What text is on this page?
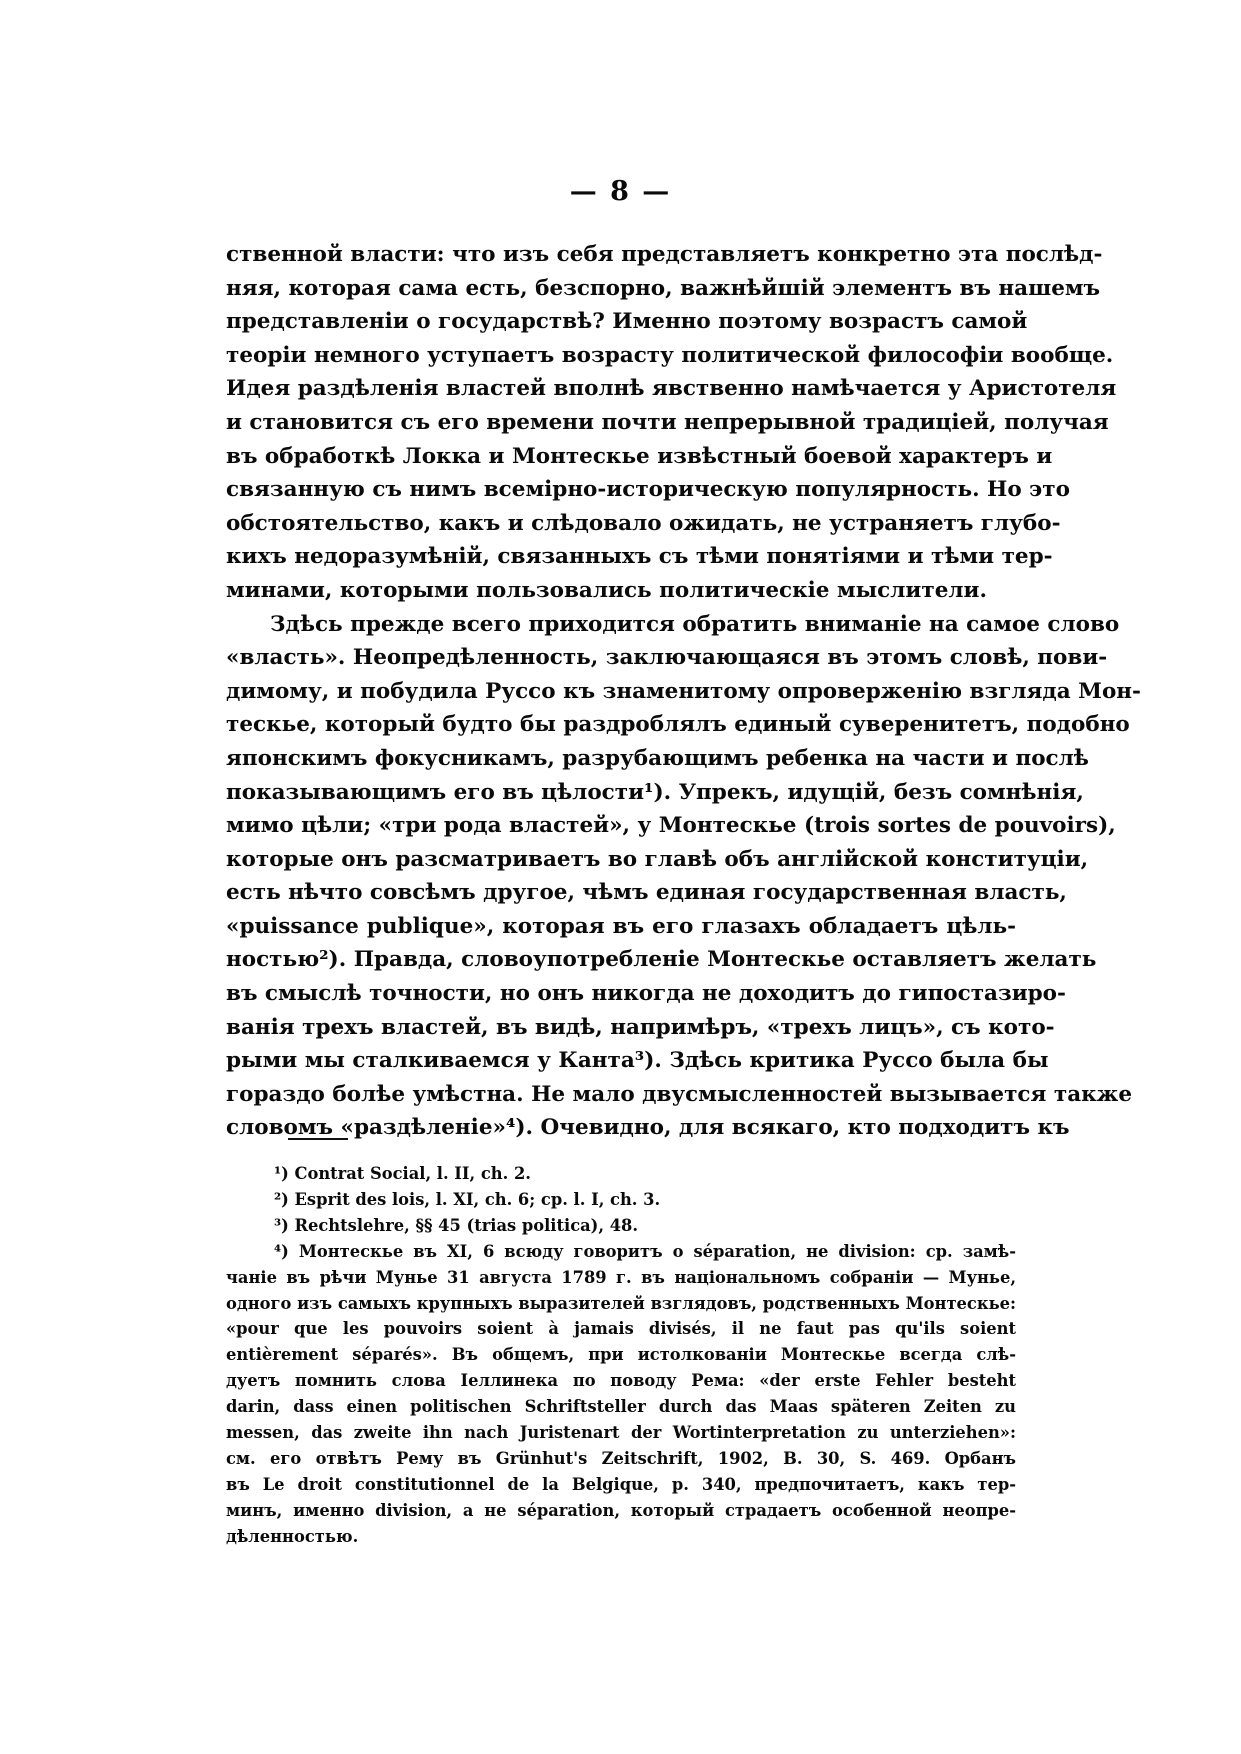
— 8 —
ственной власти: что изъ себя представляетъ конкретно эта послѣд-
няя, которая сама есть, безспорно, важнѣйшій элементъ въ нашемъ
представленіи о государствѣ? Именно поэтому возрастъ самой
теоріи немного уступаетъ возрасту политической философіи вообще.
Идея раздѣленія властей вполнѣ явственно намѣчается у Аристотеля
и становится съ его времени почти непрерывной традиціей, получая
въ обработкѣ Локка и Монтескье извѣстный боевой характеръ и
связанную съ нимъ всемірно-историческую популярность. Но это
обстоятельство, какъ и слѣдовало ожидать, не устраняетъ глубо-
кихъ недоразумѣній, связанныхъ съ тѣми понятіями и тѣми тер-
минами, которыми пользовались политическіе мыслители.
Здѣсь прежде всего приходится обратить вниманіе на самое слово
«власть». Неопредѣленность, заключающаяся въ этомъ словѣ, пови-
димому, и побудила Руссо къ знаменитому опроверженію взгляда Мон-
тескье, который будто бы раздроблялъ единый суверенитетъ, подобно
японскимъ фокусникамъ, разрубающимъ ребенка на части и послѣ
показывающимъ его въ цѣлости¹). Упрекъ, идущій, безъ сомнѣнія,
мимо цѣли; «три рода властей», у Монтескье (trois sortes de pouvoirs),
которые онъ разсматриваетъ во главѣ объ англійской конституціи,
есть нѣчто совсѣмъ другое, чѣмъ единая государственная власть,
«puissance publique», которая въ его глазахъ обладаетъ цѣль-
ностью²). Правда, словоупотребленіе Монтескье оставляетъ желать
въ смыслѣ точности, но онъ никогда не доходитъ до гипостазиро-
ванія трехъ властей, въ видѣ, напримѣръ, «трехъ лицъ», съ кото-
рыми мы сталкиваемся у Канта³). Здѣсь критика Руссо была бы
гораздо болѣе умѣстна. Не мало двусмысленностей вызывается также
словомъ «раздѣленіе»⁴). Очевидно, для всякаго, кто подходитъ къ
¹) Contrat Social, l. II, ch. 2.
²) Esprit des lois, l. XI, ch. 6; cp. l. I, ch. 3.
³) Rechtslehre, §§ 45 (trias politica), 48.
⁴) Монтескье въ XI, 6 всюду говоритъ о séparation, не division: ср. замѣ-
чаніе въ рѣчи Мунье 31 августа 1789 г. въ національномъ собраніи — Мунье,
одного изъ самыхъ крупныхъ выразителей взглядовъ, родственныхъ Монтескье:
«pour que les pouvoirs soient à jamais divisés, il ne faut pas qu'ils soient
entièrement séparés». Въ общемъ, при истолкованіи Монтескье всегда слѣ-
дуетъ помнить слова Іеллинека по поводу Рема: «der erste Fehler besteht
darin, dass einen politischen Schriftsteller durch das Maas späteren Zeiten zu
messen, das zweite ihn nach Juristenart der Wortinterpretation zu unterziehen»:
см. его отвѣтъ Рему въ Grünhut's Zeitschrift, 1902, B. 30, S. 469. Орбанъ
въ Le droit constitutionnel de la Belgique, p. 340, предпочитаетъ, какъ тер-
минъ, именно division, а не séparation, который страдаетъ особенной неопре-
дѣленностью.
